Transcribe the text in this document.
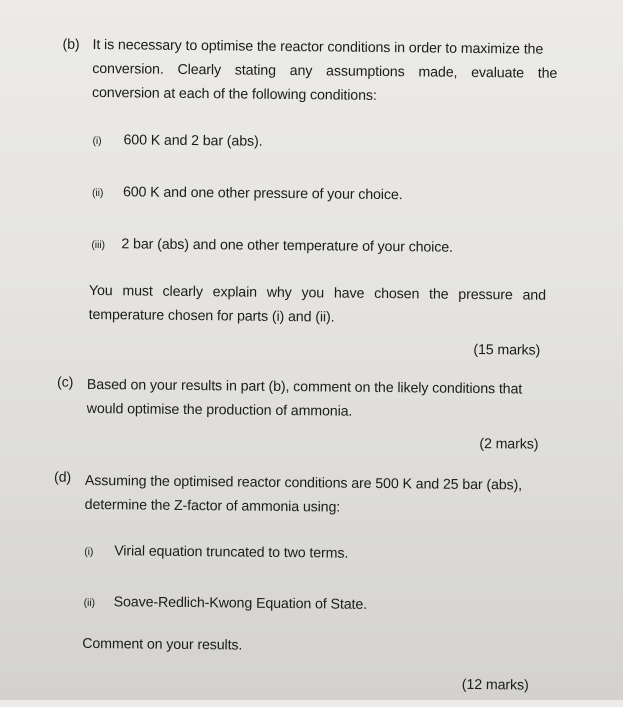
(b) It is necessary to optimise the reactor conditions in order to maximize the
conversion. Clearly stating any assumptions made, evaluate the
conversion at each of the following conditions:
(i) 600 K and 2 bar (abs).
(ii) 600 K and one other pressure of your choice.
(iii) 2 bar (abs) and one other temperature of your choice.
You must clearly explain why you have chosen the pressure and
temperature chosen for parts (i) and (ii).
(15 marks)
(c) Based on your results in part (b), comment on the likely conditions that
would optimise the production of ammonia.
(2 marks)
(d) Assuming the optimised reactor conditions are 500 K and 25 bar (abs),
determine the Z-factor of ammonia using:
(i) Virial equation truncated to two terms.
(ii) Soave-Redlich-Kwong Equation of State.
Comment on your results.
(12 marks)
